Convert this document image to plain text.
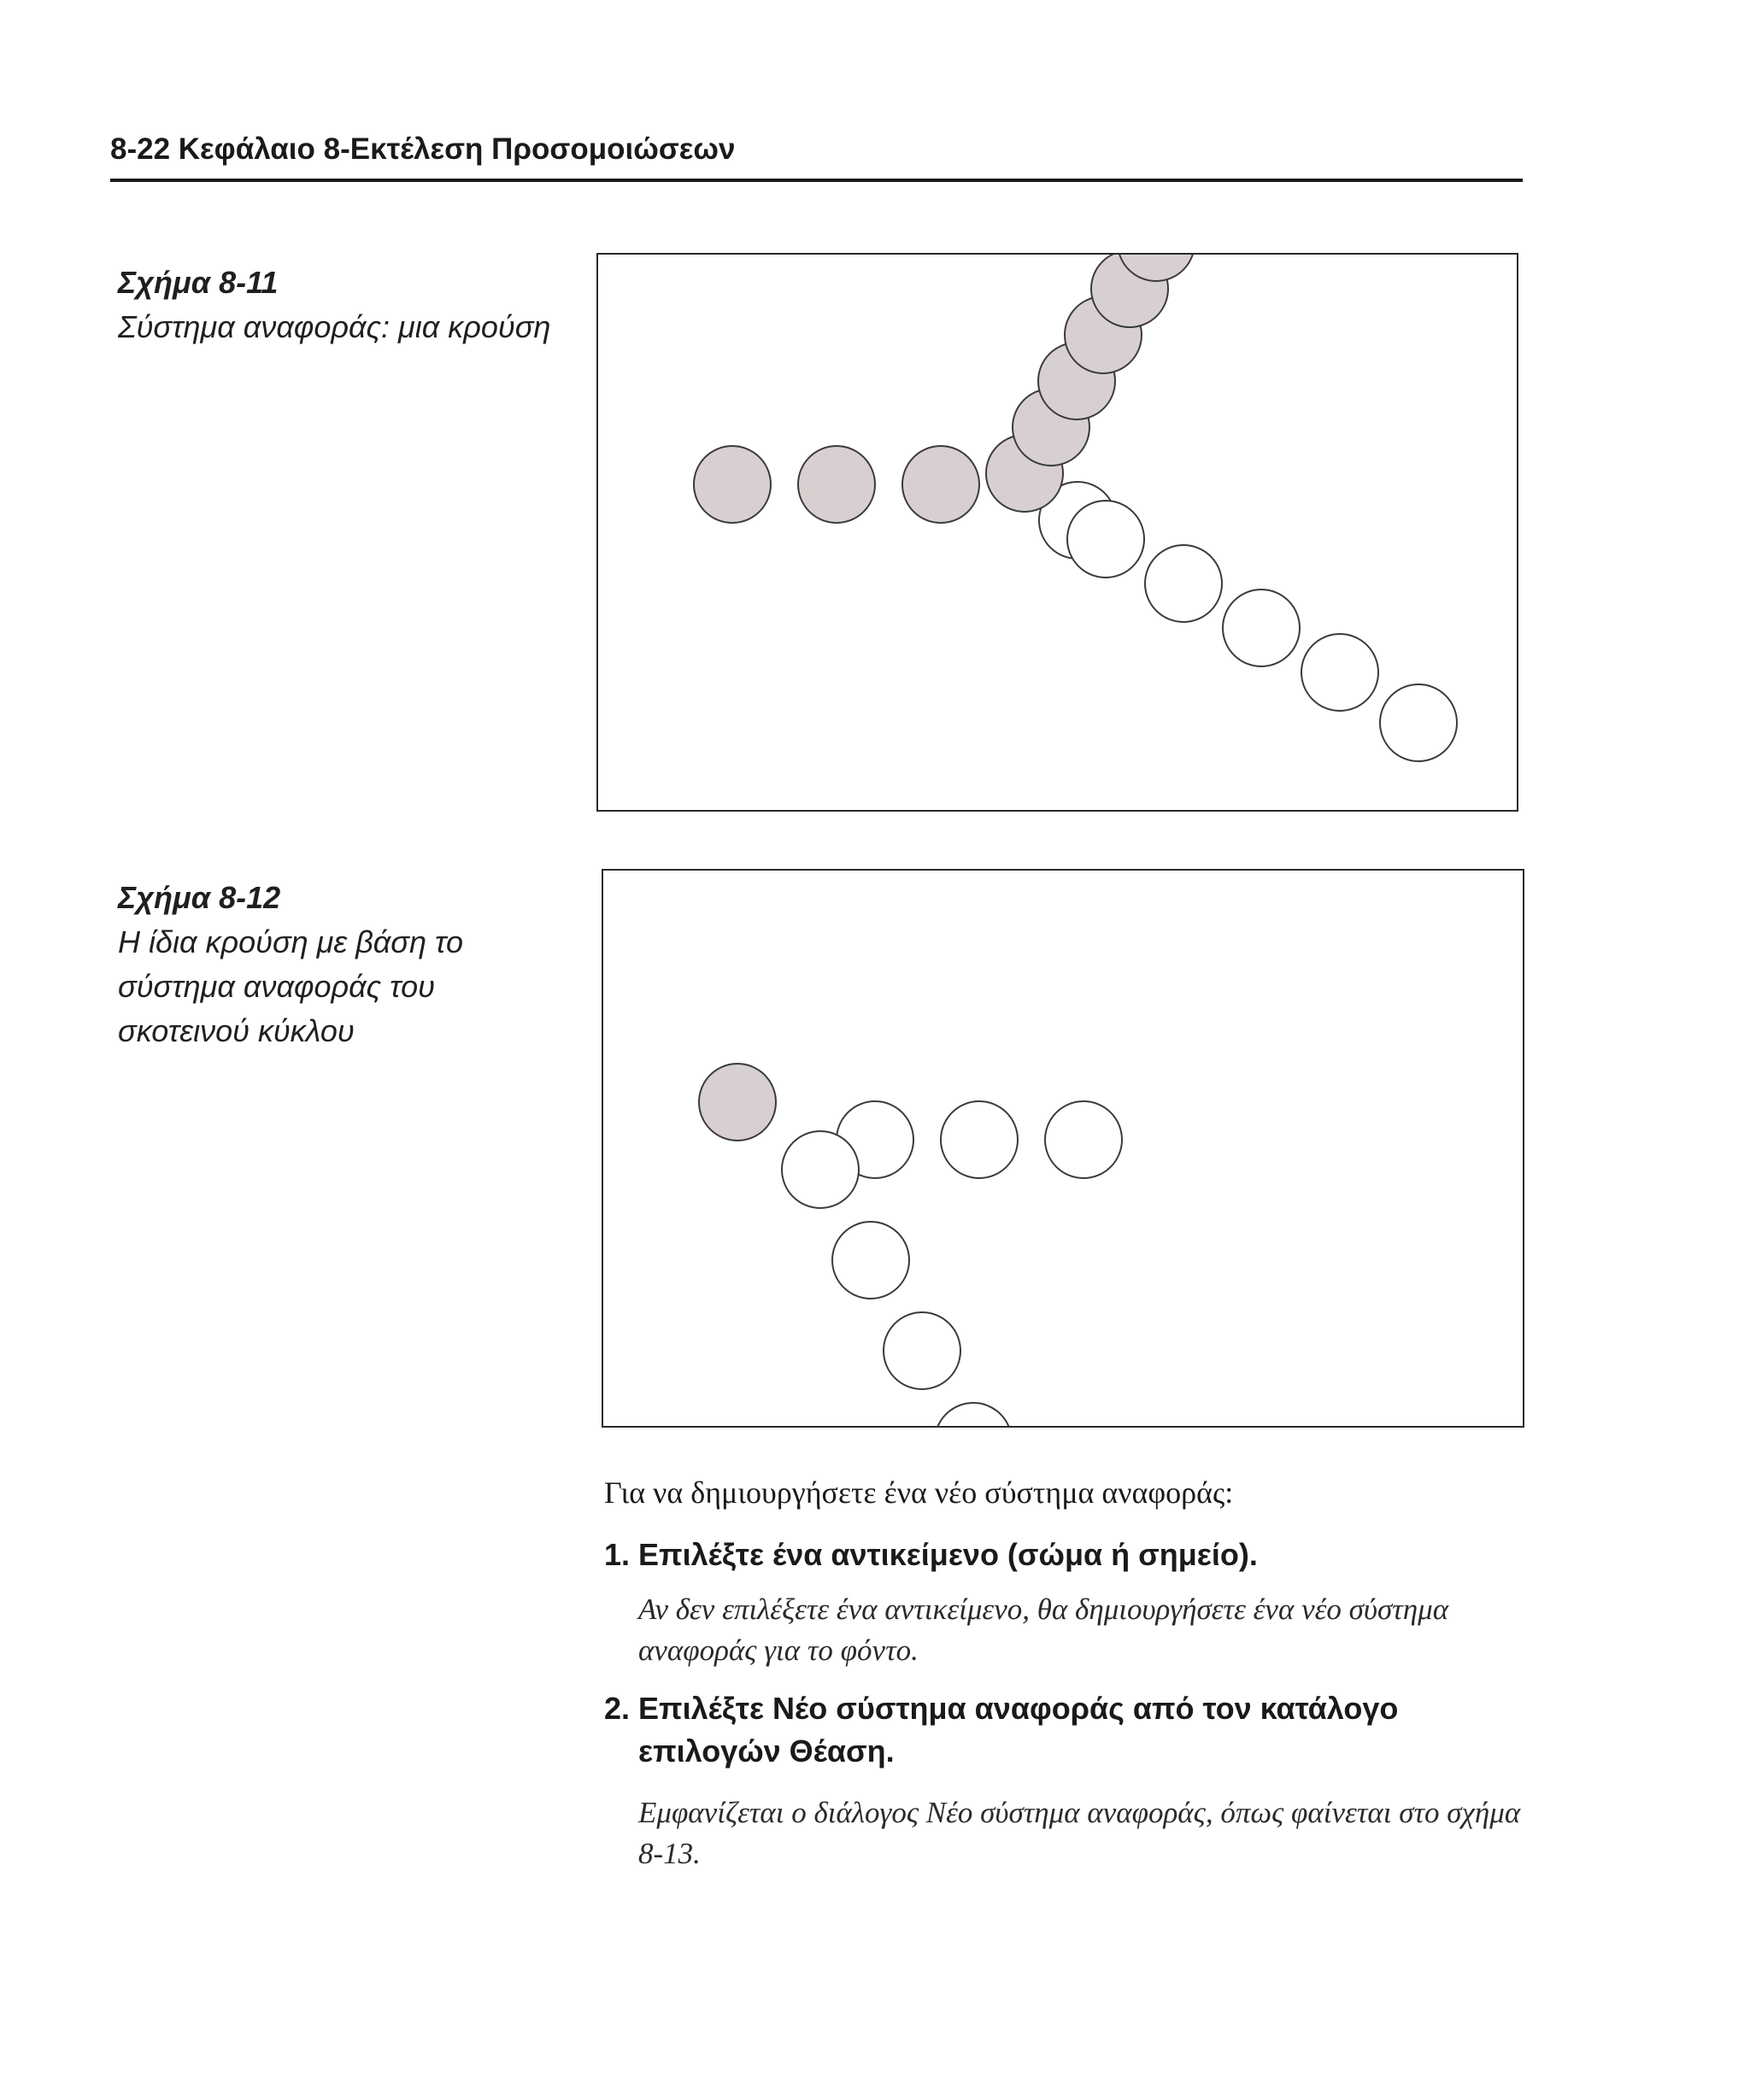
8-22 Κεφάλαιο 8-Εκτέλεση Προσομοιώσεων
Σχήμα 8-11
Σύστημα αναφοράς: μια κρούση
Σχήμα 8-12
Η ίδια κρούση με βάση το σύστημα αναφοράς του σκοτεινού κύκλου
Για να δημιουργήσετε ένα νέο σύστημα αναφοράς:
1. Επιλέξτε ένα αντικείμενο (σώμα ή σημείο).
Αν δεν επιλέξετε ένα αντικείμενο, θα δημιουργήσετε ένα νέο σύστημα αναφοράς για το φόντο.
2. Επιλέξτε Νέο σύστημα αναφοράς από τον κατάλογο επιλογών Θέαση.
Εμφανίζεται ο διάλογος Νέο σύστημα αναφοράς, όπως φαίνεται στο σχήμα 8-13.
